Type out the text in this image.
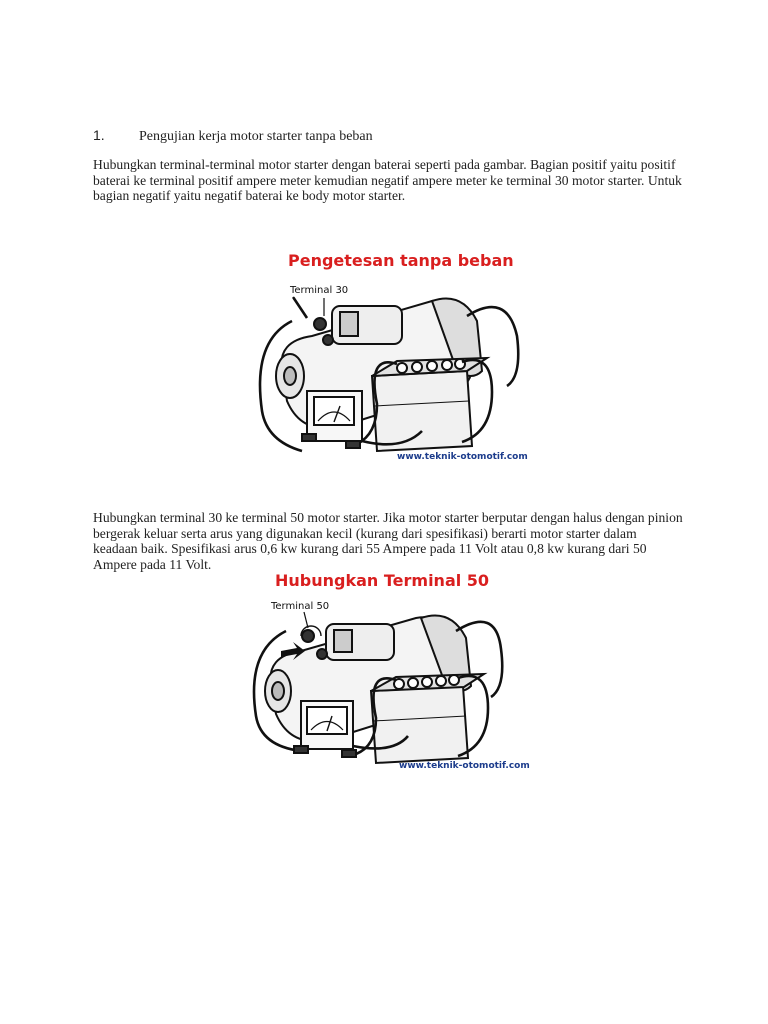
1. Pengujian kerja motor starter tanpa beban

Hubungkan terminal-terminal motor starter dengan baterai seperti pada gambar. Bagian positif yaitu positif baterai ke terminal positif ampere meter kemudian negatif ampere meter ke terminal 30 motor starter. Untuk bagian negatif yaitu negatif baterai ke body motor starter.

Pengetesan tanpa beban
Terminal 30
www.teknik-otomotif.com

Hubungkan terminal 30 ke terminal 50 motor starter. Jika motor starter berputar dengan halus dengan pinion bergerak keluar serta arus yang digunakan kecil (kurang dari spesifikasi) berarti motor starter dalam keadaan baik. Spesifikasi arus 0,6 kw kurang dari 55 Ampere pada 11 Volt atau 0,8 kw kurang dari 50 Ampere pada 11 Volt.

Hubungkan Terminal 50
Terminal 50
www.teknik-otomotif.com
